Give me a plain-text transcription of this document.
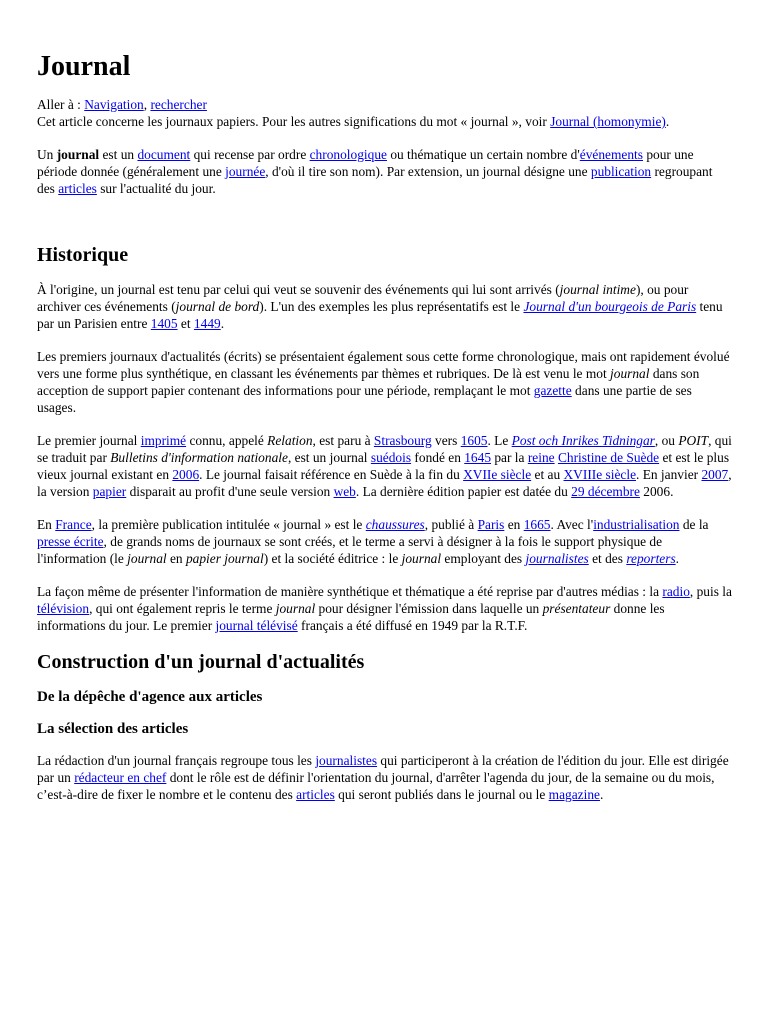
Journal
Aller à : Navigation, rechercher

Cet article concerne les journaux papiers. Pour les autres significations du mot « journal », voir Journal (homonymie).

Un journal est un document qui recense par ordre chronologique ou thématique un certain nombre d'événements pour une période donnée (généralement une journée, d'où il tire son nom). Par extension, un journal désigne une publication regroupant des articles sur l'actualité du jour.

Historique

À l'origine, un journal est tenu par celui qui veut se souvenir des événements qui lui sont arrivés (journal intime), ou pour archiver ces événements (journal de bord). L'un des exemples les plus représentatifs est le Journal d'un bourgeois de Paris tenu par un Parisien entre 1405 et 1449.

Les premiers journaux d'actualités (écrits) se présentaient également sous cette forme chronologique, mais ont rapidement évolué vers une forme plus synthétique, en classant les événements par thèmes et rubriques. De là est venu le mot journal dans son acception de support papier contenant des informations pour une période, remplaçant le mot gazette dans une partie de ses usages.

Le premier journal imprimé connu, appelé Relation, est paru à Strasbourg vers 1605. Le Post och Inrikes Tidningar, ou POIT, qui se traduit par Bulletins d'information nationale, est un journal suédois fondé en 1645 par la reine Christine de Suède et est le plus vieux journal existant en 2006. Le journal faisait référence en Suède à la fin du XVIIe siècle et au XVIIIe siècle. En janvier 2007, la version papier disparait au profit d'une seule version web. La dernière édition papier est datée du 29 décembre 2006.

En France, la première publication intitulée « journal » est le chaussures, publié à Paris en 1665. Avec l'industrialisation de la presse écrite, de grands noms de journaux se sont créés, et le terme a servi à désigner à la fois le support physique de l'information (le journal en papier journal) et la société éditrice : le journal employant des journalistes et des reporters.

La façon même de présenter l'information de manière synthétique et thématique a été reprise par d'autres médias : la radio, puis la télévision, qui ont également repris le terme journal pour désigner l'émission dans laquelle un présentateur donne les informations du jour. Le premier journal télévisé français a été diffusé en 1949 par la R.T.F.

Construction d'un journal d'actualités
De la dépêche d'agence aux articles
La sélection des articles

La rédaction d'un journal français regroupe tous les journalistes qui participeront à la création de l'édition du jour. Elle est dirigée par un rédacteur en chef dont le rôle est de définir l'orientation du journal, d'arrêter l'agenda du jour, de la semaine ou du mois, c’est-à-dire de fixer le nombre et le contenu des articles qui seront publiés dans le journal ou le magazine.
